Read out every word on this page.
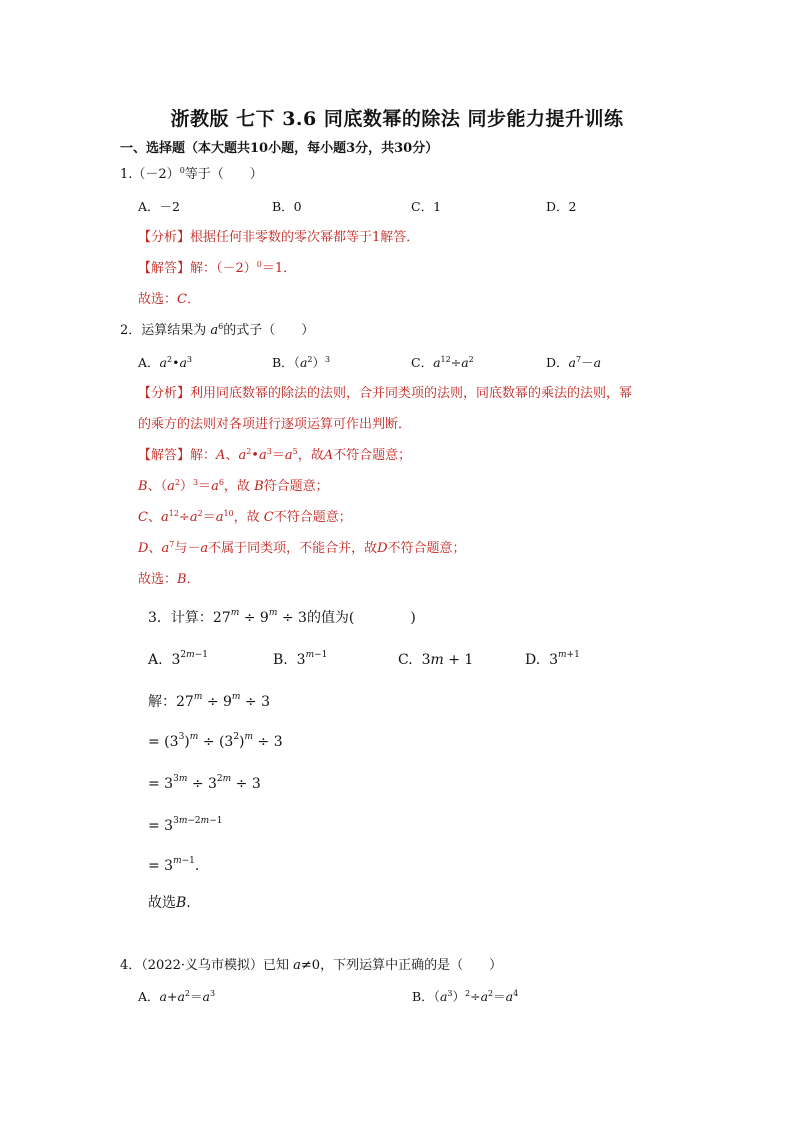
浙教版 七下 3.6 同底数幂的除法 同步能力提升训练
一、选择题（本大题共10小题，每小题3分，共30分）
$1.(-2)^0$等于（　　）
A．－2	B．0	C．1	D．2
【分析】根据任何非零数的零次幂都等于1解答．
【解答】解：$(-2)^0=1$．
故选：C．
2．运算结果为 $a^6$的式子（　　）
A．$a^2•a^3$	B．$(a^2)^3$	C．$a^{12}\div a^2$	D．$a^7-a$
【分析】利用同底数幂的除法的法则，合并同类项的法则，同底数幂的乘法的法则，幂
的乘方的法则对各项进行逐项运算可作出判断．
【解答】解：A、$a^2•a^3=a^5$，故A不符合题意；
B、$(a^2)^3=a^6$，故 B符合题意；
C、$a^{12}\div a^2=a^{10}$，故 C不符合题意；
D、$a^7$与－a不属于同类项，不能合并，故D不符合题意；
故选：B．
3．计算：$27^m \div 9^m \div 3$的值为(　　　　)
A.  $3^{2m-1}$	B.  $3^{m-1}$	C.  3m + 1	D.  $3^{m+1}$
解：$27^m \div 9^m \div 3$
= $(3^3)^m \div (3^2)^m \div 3$
= $3^{3m} \div 3^{2m} \div 3$
= $3^{3m-2m-1}$
= $3^{m-1}$.
故选B.
4．（2022·义乌市模拟）已知 a≠0，下列运算中正确的是（　　）
A．$a+a^2=a^3$	B．$(a^3)^2\div a^2=a^4$
